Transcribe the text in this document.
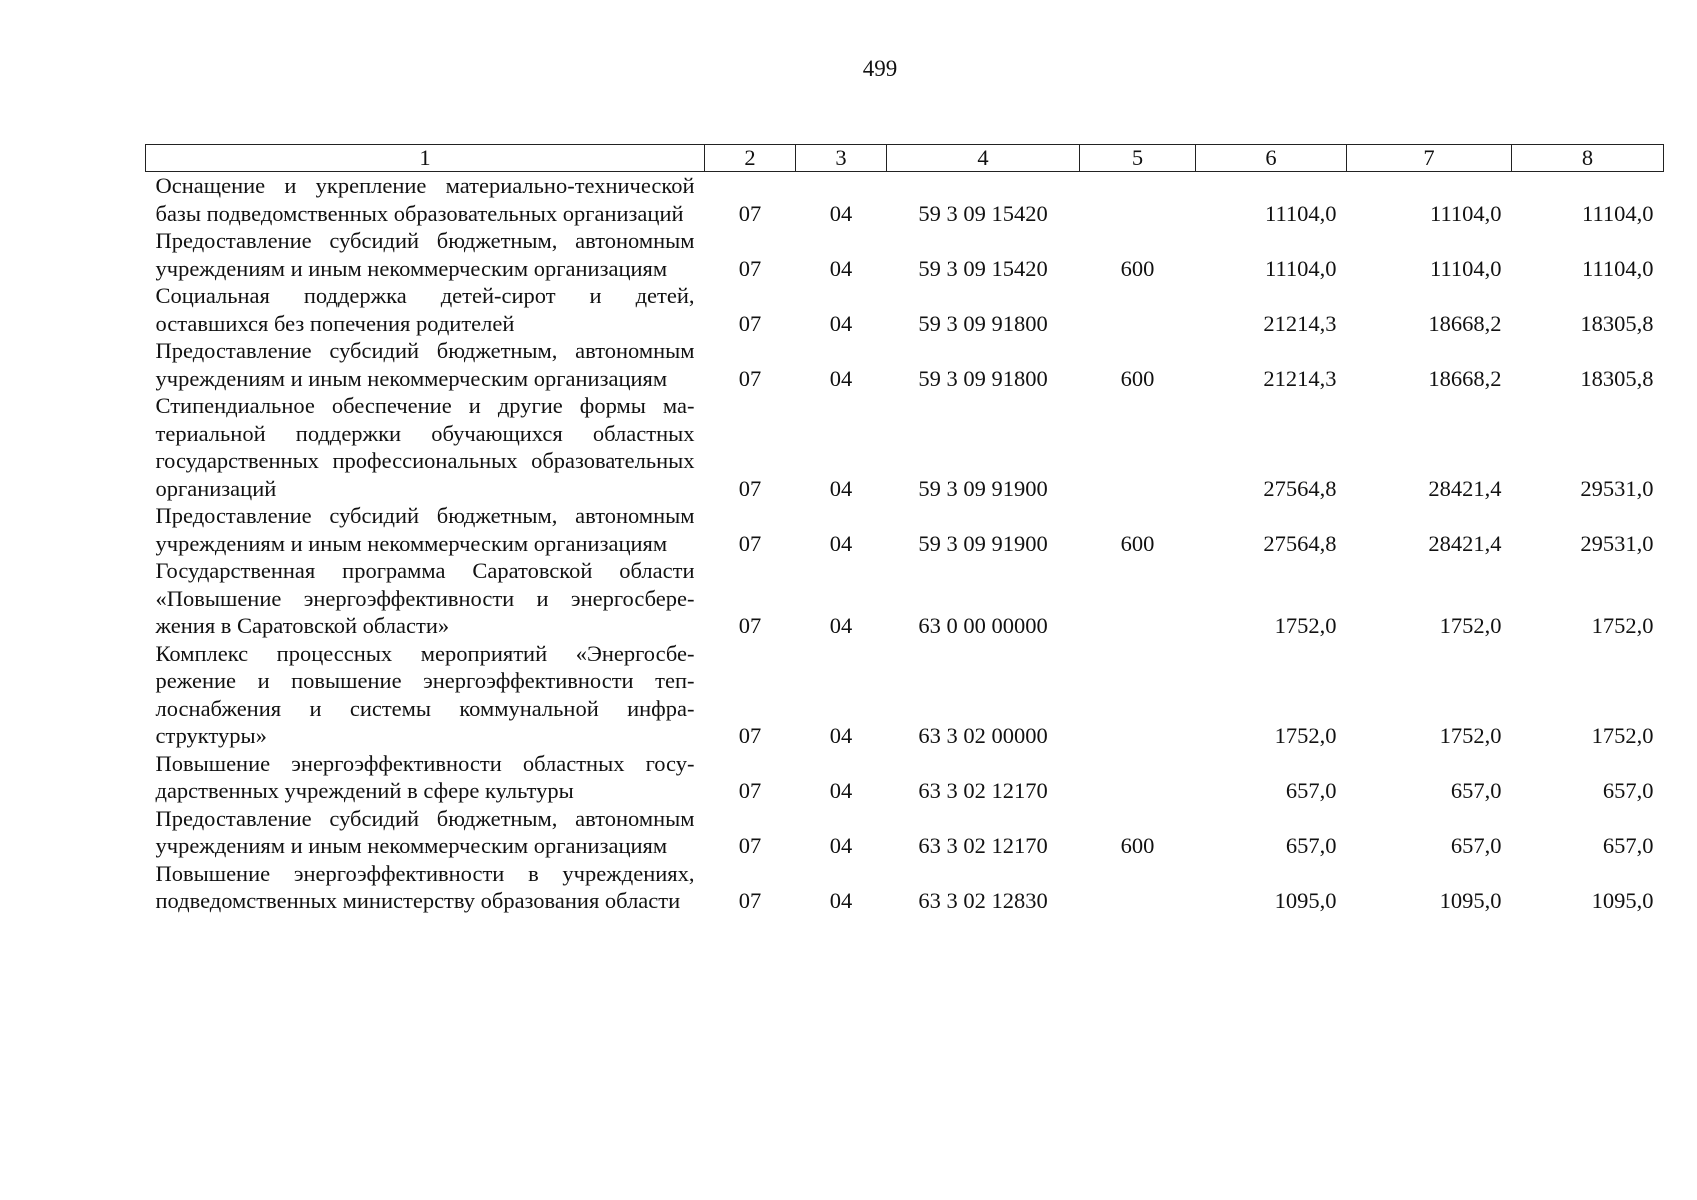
499
1	2	3	4	5	6	7	8
Оснащение и укрепление материально-технической базы подведомственных образовательных организаций	07	04	59 3 09 15420		11104,0	11104,0	11104,0
Предоставление субсидий бюджетным, автономным учреждениям и иным некоммерческим организациям	07	04	59 3 09 15420	600	11104,0	11104,0	11104,0
Социальная поддержка детей-сирот и детей, оставшихся без попечения родителей	07	04	59 3 09 91800		21214,3	18668,2	18305,8
Предоставление субсидий бюджетным, автономным учреждениям и иным некоммерческим организациям	07	04	59 3 09 91800	600	21214,3	18668,2	18305,8
Стипендиальное обеспечение и другие формы материальной поддержки обучающихся областных государственных профессиональных образовательных организаций	07	04	59 3 09 91900		27564,8	28421,4	29531,0
Предоставление субсидий бюджетным, автономным учреждениям и иным некоммерческим организациям	07	04	59 3 09 91900	600	27564,8	28421,4	29531,0
Государственная программа Саратовской области «Повышение энергоэффективности и энергосбережения в Саратовской области»	07	04	63 0 00 00000		1752,0	1752,0	1752,0
Комплекс процессных мероприятий «Энергосбережение и повышение энергоэффективности теплоснабжения и системы коммунальной инфраструктуры»	07	04	63 3 02 00000		1752,0	1752,0	1752,0
Повышение энергоэффективности областных государственных учреждений в сфере культуры	07	04	63 3 02 12170		657,0	657,0	657,0
Предоставление субсидий бюджетным, автономным учреждениям и иным некоммерческим организациям	07	04	63 3 02 12170	600	657,0	657,0	657,0
Повышение энергоэффективности в учреждениях, подведомственных министерству образования области	07	04	63 3 02 12830		1095,0	1095,0	1095,0
